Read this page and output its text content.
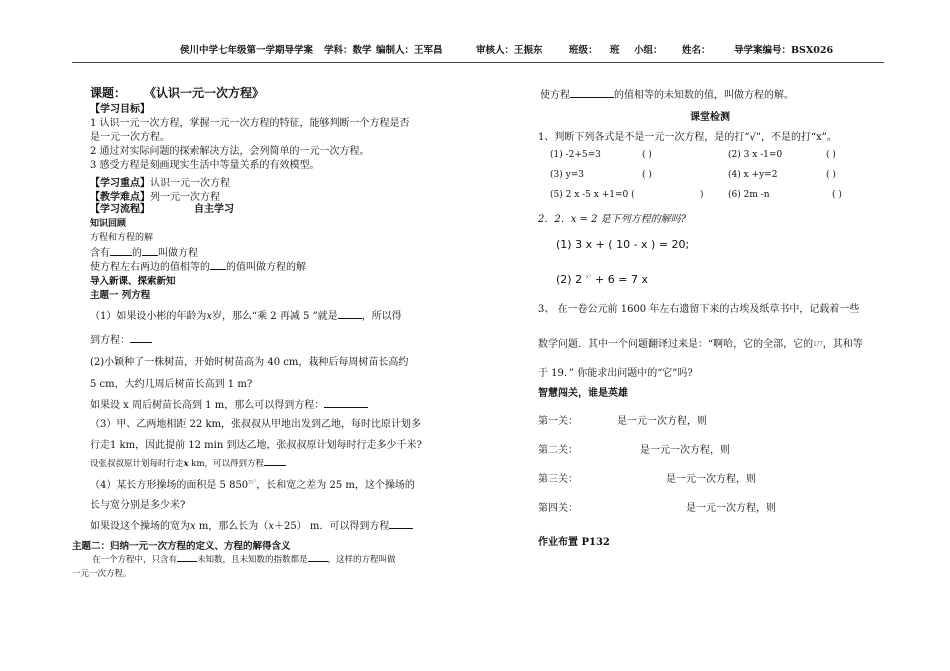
侯川中学七年级第一学期导学案 学科：数学 编制人：王军昌	审核人：王振东	班级： 班 小组： 姓名： 导学案编号：BSX026
课题： 《认识一元一次方程》
【学习目标】
1 认识一元一次方程，掌握一元一次方程的特征，能够判断一个方程是否
是一元一次方程。
2 通过对实际问题的探索解决方法，会列简单的一元一次方程。
3 感受方程是刻画现实生活中等量关系的有效模型。
【学习重点】认识一元一次方程
【教学难点】列一元一次方程
【学习流程】	自主学习
知识回顾
方程和方程的解
含有 的 叫做方程
使方程左右两边的值相等的 的值叫做方程的解
导入新课、探索新知
主题一 列方程
（1）如果设小彬的年龄为x岁，那么“乘 2 再减 5 ”就是 ，所以得
到方程：
(2)小颖种了一株树苗，开始时树苗高为 40 cm，栽种后每周树苗长高约
5 cm，大约几周后树苗长高到 1 m?
如果设 x 周后树苗长高到 1 m，那么可以得到方程：
（3）甲、乙两地相距 22 km，张叔叔从甲地出发到乙地，每时比原计划多
行走1 km，因此提前 12 min 到达乙地，张叔叔原计划每时行走多少千米?
设张叔叔原计划每时行走x km，可以得到方程
（4）某长方形操场的面积是 5 $850^{m^2}$，长和宽之差为 25 m，这个操场的
长与宽分别是多少米?
如果设这个操场的宽为x m，那么长为（x＋25） m．可以得到方程
主题二：归纳一元一次方程的定义、方程的解得含义
在一个方程中，只含有 未知数，且未知数的指数都是 ，这样的方程叫做
一元一次方程。
使方程	的值相等的未知数的值，叫做方程的解。
课堂检测
1、判断下列各式是不是一元一次方程，是的打“√”，不是的打“x”。
(1) -2+5=3	( )	(2) 3 x -1=0	( )
(3) y=3	( )	(4) x +y=2	( )
(5) 2 x -5 x +1=0 (	)	(6) 2m -n	( )
2．2．x = 2 是下列方程的解吗?
(1) 3 x + ( 10 - x ) = 20;
(2) 2 $^{x^2}$ + 6 = 7 x
3、 在一卷公元前 1600 年左右遗留下来的古埃及纸草书中，记载着一些
数学问题．其中一个问题翻译过来是：“啊哈，它的全部，它的1/7，其和等
于 19．” 你能求出问题中的“它”吗?
智慧闯关，谁是英雄
第一关：	是一元一次方程，则
第二关：	是一元一次方程，则
第三关：	是一元一次方程，则
第四关：	是一元一次方程，则
作业布置 P132
